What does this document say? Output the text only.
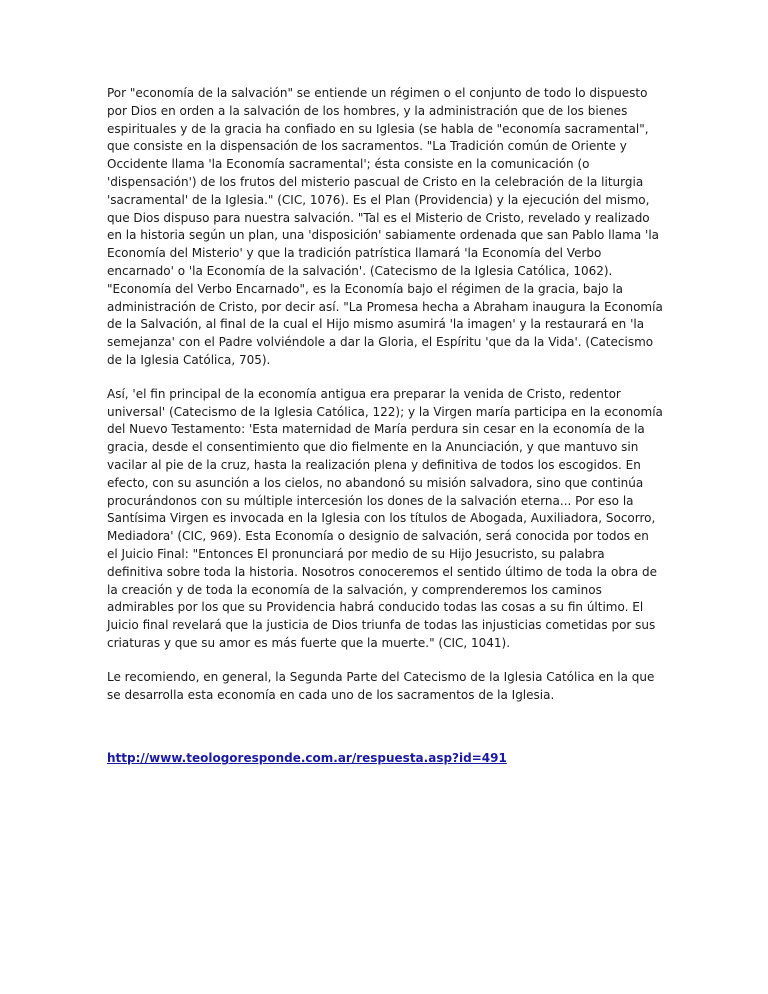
Por "economía de la salvación" se entiende un régimen o el conjunto de todo lo dispuesto por Dios en orden a la salvación de los hombres, y la administración que de los bienes espirituales y de la gracia ha confiado en su Iglesia (se habla de "economía sacramental", que consiste en la dispensación de los sacramentos. "La Tradición común de Oriente y Occidente llama 'la Economía sacramental'; ésta consiste en la comunicación (o 'dispensación') de los frutos del misterio pascual de Cristo en la celebración de la liturgia 'sacramental' de la Iglesia." (CIC, 1076). Es el Plan (Providencia) y la ejecución del mismo, que Dios dispuso para nuestra salvación. "Tal es el Misterio de Cristo, revelado y realizado en la historia según un plan, una 'disposición' sabiamente ordenada que san Pablo llama 'la Economía del Misterio' y que la tradición patrística llamará 'la Economía del Verbo encarnado' o 'la Economía de la salvación'. (Catecismo de la Iglesia Católica, 1062). "Economía del Verbo Encarnado", es la Economía bajo el régimen de la gracia, bajo la administración de Cristo, por decir así. "La Promesa hecha a Abraham inaugura la Economía de la Salvación, al final de la cual el Hijo mismo asumirá 'la imagen' y la restaurará en 'la semejanza' con el Padre volviéndole a dar la Gloria, el Espíritu 'que da la Vida'. (Catecismo de la Iglesia Católica, 705).

Así, 'el fin principal de la economía antigua era preparar la venida de Cristo, redentor universal' (Catecismo de la Iglesia Católica, 122); y la Virgen maría participa en la economía del Nuevo Testamento: 'Esta maternidad de María perdura sin cesar en la economía de la gracia, desde el consentimiento que dio fielmente en la Anunciación, y que mantuvo sin vacilar al pie de la cruz, hasta la realización plena y definitiva de todos los escogidos. En efecto, con su asunción a los cielos, no abandonó su misión salvadora, sino que continúa procurándonos con su múltiple intercesión los dones de la salvación eterna... Por eso la Santísima Virgen es invocada en la Iglesia con los títulos de Abogada, Auxiliadora, Socorro, Mediadora' (CIC, 969). Esta Economía o designio de salvación, será conocida por todos en el Juicio Final: "Entonces El pronunciará por medio de su Hijo Jesucristo, su palabra definitiva sobre toda la historia. Nosotros conoceremos el sentido último de toda la obra de la creación y de toda la economía de la salvación, y comprenderemos los caminos admirables por los que su Providencia habrá conducido todas las cosas a su fin último. El Juicio final revelará que la justicia de Dios triunfa de todas las injusticias cometidas por sus criaturas y que su amor es más fuerte que la muerte." (CIC, 1041).

Le recomiendo, en general, la Segunda Parte del Catecismo de la Iglesia Católica en la que se desarrolla esta economía en cada uno de los sacramentos de la Iglesia.

http://www.teologoresponde.com.ar/respuesta.asp?id=491
